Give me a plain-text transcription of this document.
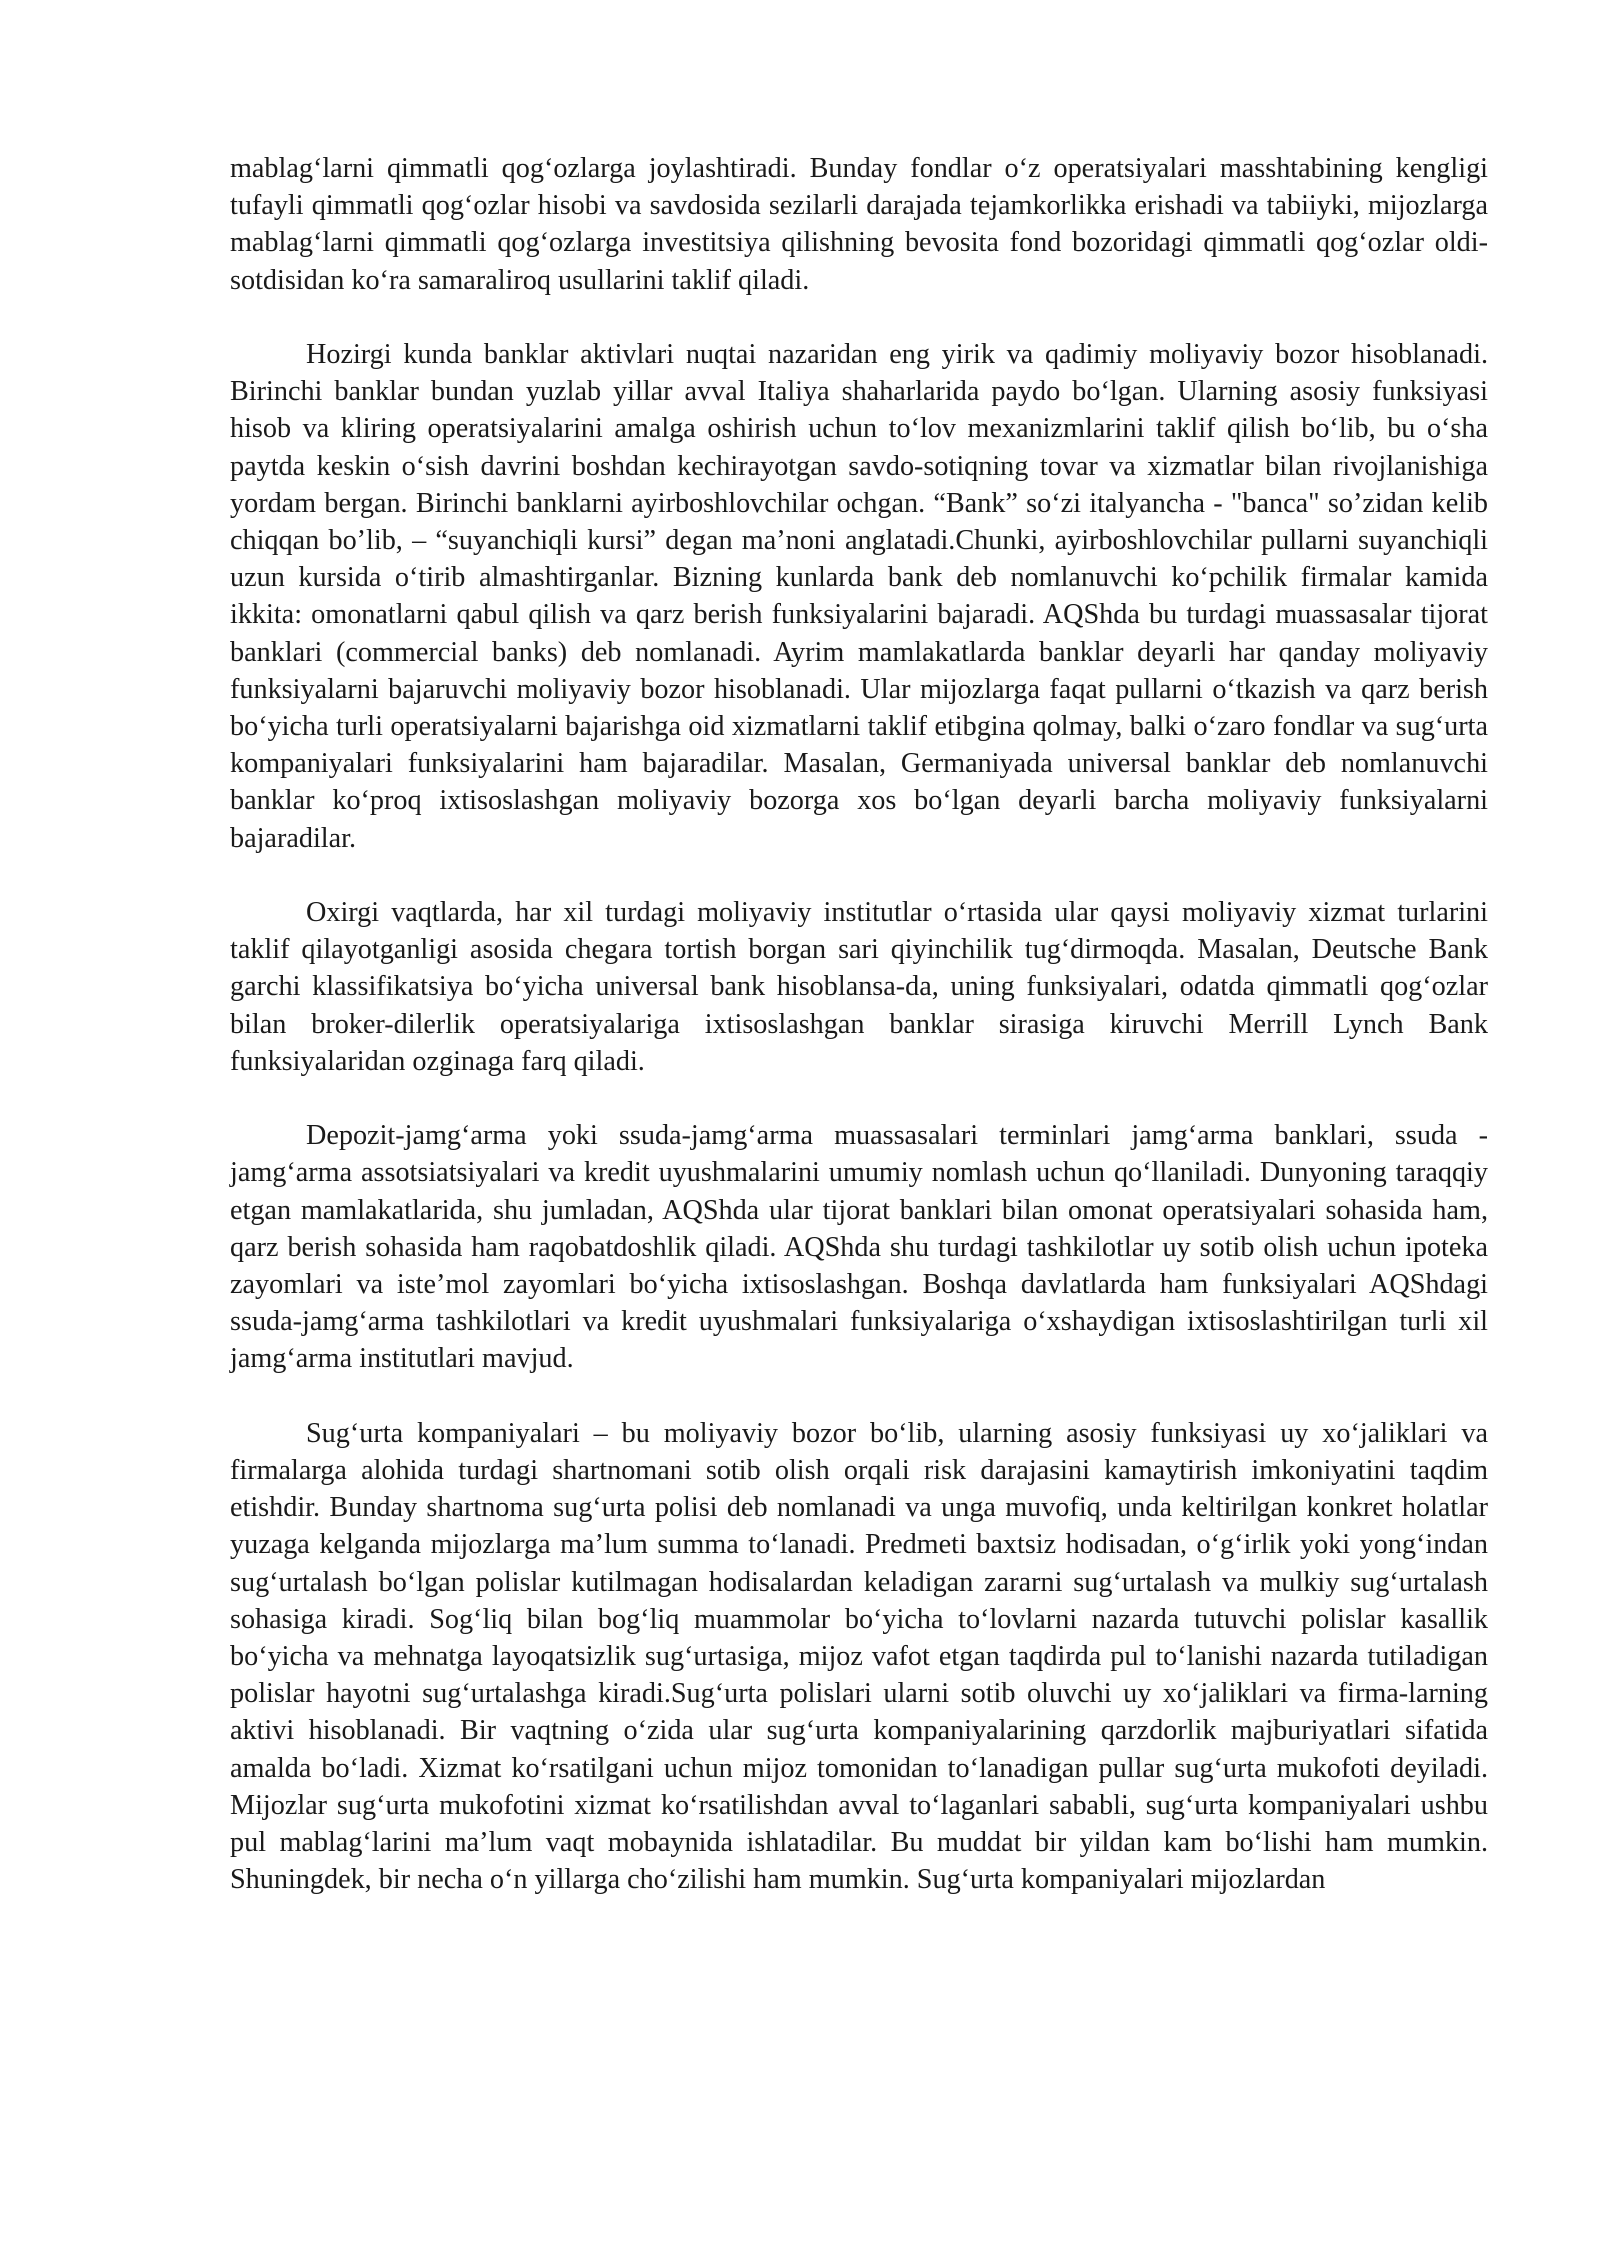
mablag‘larni qimmatli qog‘ozlarga joylashtiradi. Bunday fondlar o‘z operatsiyalari masshtabining kengligi tufayli qimmatli qog‘ozlar hisobi va savdosida sezilarli darajada tejamkorlikka erishadi va tabiiyki, mijozlarga mablag‘larni qimmatli qog‘ozlarga investitsiya qilishning bevosita fond bozoridagi qimmatli qog‘ozlar oldi-sotdisidan ko‘ra samaraliroq usullarini taklif qiladi.

Hozirgi kunda banklar aktivlari nuqtai nazaridan eng yirik va qadimiy moliyaviy bozor hisoblanadi. Birinchi banklar bundan yuzlab yillar avval Italiya shaharlarida paydo bo‘lgan. Ularning asosiy funksiyasi hisob va kliring operatsiyalarini amalga oshirish uchun to‘lov mexanizmlarini taklif qilish bo‘lib, bu o‘sha paytda keskin o‘sish davrini boshdan kechirayotgan savdo-sotiqning tovar va xizmatlar bilan rivojlanishiga yordam bergan. Birinchi banklarni ayirboshlovchilar ochgan. “Bank” so‘zi italyancha - "banca" so’zidan kelib chiqqan bo’lib, – “suyanchiqli kursi” degan ma’noni anglatadi.Chunki, ayirboshlovchilar pullarni suyanchiqli uzun kursida o‘tirib almashtirganlar. Bizning kunlarda bank deb nomlanuvchi ko‘pchilik firmalar kamida ikkita: omonatlarni qabul qilish va qarz berish funksiyalarini bajaradi. AQShda bu turdagi muassasalar tijorat banklari (commercial banks) deb nomlanadi. Ayrim mamlakatlarda banklar deyarli har qanday moliyaviy funksiyalarni bajaruvchi moliyaviy bozor hisoblanadi. Ular mijozlarga faqat pullarni o‘tkazish va qarz berish bo‘yicha turli operatsiyalarni bajarishga oid xizmatlarni taklif etibgina qolmay, balki o‘zaro fondlar va sug‘urta kompaniyalari funksiyalarini ham bajaradilar. Masalan, Germaniyada universal banklar deb nomlanuvchi banklar ko‘proq ixtisoslashgan moliyaviy bozorga xos bo‘lgan deyarli barcha moliyaviy funksiyalarni bajaradilar.

Oxirgi vaqtlarda, har xil turdagi moliyaviy institutlar o‘rtasida ular qaysi moliyaviy xizmat turlarini taklif qilayotganligi asosida chegara tortish borgan sari qiyinchilik tug‘dirmoqda. Masalan, Deutsche Bank garchi klassifikatsiya bo‘yicha universal bank hisoblansa-da, uning funksiyalari, odatda qimmatli qog‘ozlar bilan broker-dilerlik operatsiyalariga ixtisoslashgan banklar sirasiga kiruvchi Merrill Lynch Bank funksiyalaridan ozginaga farq qiladi.

Depozit-jamg‘arma yoki ssuda-jamg‘arma muassasalari terminlari jamg‘arma banklari, ssuda -jamg‘arma assotsiatsiyalari va kredit uyushmalarini umumiy nomlash uchun qo‘llaniladi. Dunyoning taraqqiy etgan mamlakatlarida, shu jumladan, AQShda ular tijorat banklari bilan omonat operatsiyalari sohasida ham, qarz berish sohasida ham raqobatdoshlik qiladi. AQShda shu turdagi tashkilotlar uy sotib olish uchun ipoteka zayomlari va iste’mol zayomlari bo‘yicha ixtisoslashgan. Boshqa davlatlarda ham funksiyalari AQShdagi ssuda-jamg‘arma tashkilotlari va kredit uyushmalari funksiyalariga o‘xshaydigan ixtisoslashtirilgan turli xil jamg‘arma institutlari mavjud.

Sug‘urta kompaniyalari – bu moliyaviy bozor bo‘lib, ularning asosiy funksiyasi uy xo‘jaliklari va firmalarga alohida turdagi shartnomani sotib olish orqali risk darajasini kamaytirish imkoniyatini taqdim etishdir. Bunday shartnoma sug‘urta polisi deb nomlanadi va unga muvofiq, unda keltirilgan konkret holatlar yuzaga kelganda mijozlarga ma’lum summa to‘lanadi. Predmeti baxtsiz hodisadan, o‘g‘irlik yoki yong‘indan sug‘urtalash bo‘lgan polislar kutilmagan hodisalardan keladigan zararni sug‘urtalash va mulkiy sug‘urtalash sohasiga kiradi. Sog‘liq bilan bog‘liq muammolar bo‘yicha to‘lovlarni nazarda tutuvchi polislar kasallik bo‘yicha va mehnatga layoqatsizlik sug‘urtasiga, mijoz vafot etgan taqdirda pul to‘lanishi nazarda tutiladigan polislar hayotni sug‘urtalashga kiradi.Sug‘urta polislari ularni sotib oluvchi uy xo‘jaliklari va firma-larning aktivi hisoblanadi. Bir vaqtning o‘zida ular sug‘urta kompaniyalarining qarzdorlik majburiyatlari sifatida amalda bo‘ladi. Xizmat ko‘rsatilgani uchun mijoz tomonidan to‘lanadigan pullar sug‘urta mukofoti deyiladi. Mijozlar sug‘urta mukofotini xizmat ko‘rsatilishdan avval to‘laganlari sababli, sug‘urta kompaniyalari ushbu pul mablag‘larini ma’lum vaqt mobaynida ishlatadilar. Bu muddat bir yildan kam bo‘lishi ham mumkin. Shuningdek, bir necha o‘n yillarga cho‘zilishi ham mumkin. Sug‘urta kompaniyalari mijozlardan
